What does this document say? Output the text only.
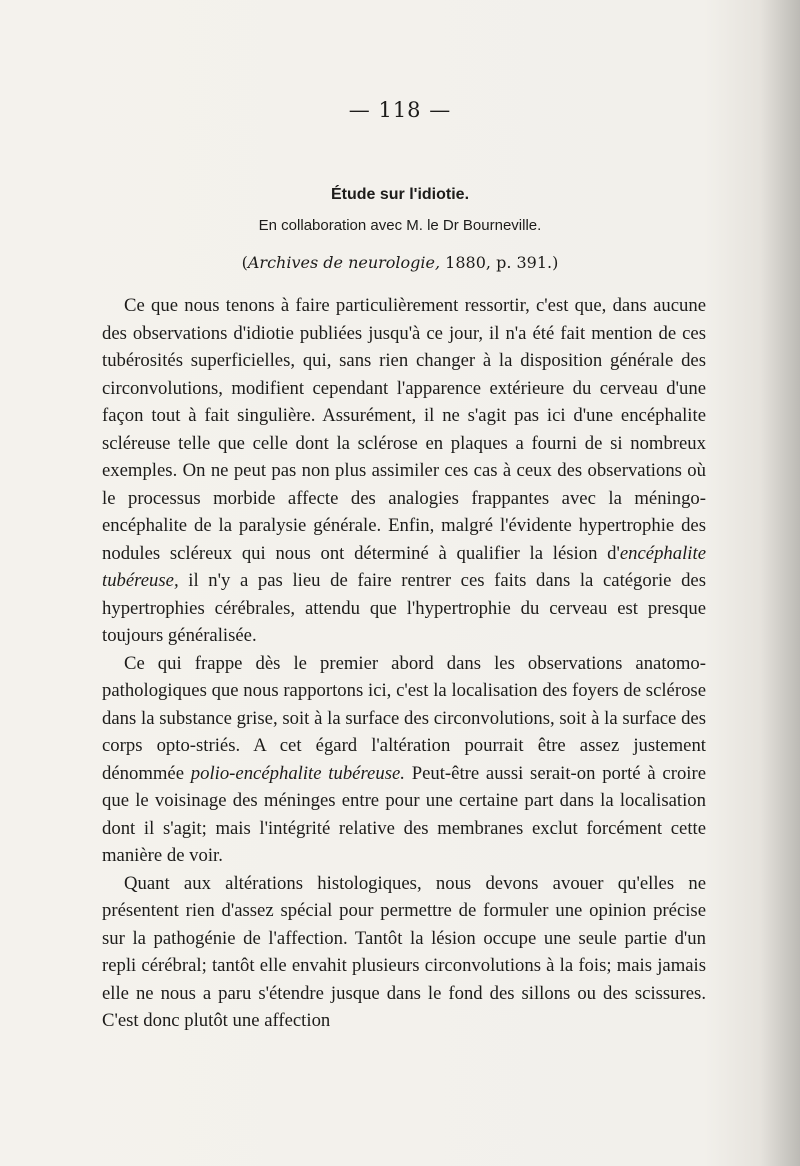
— 118 —
Étude sur l'idiotie.
En collaboration avec M. le Dr Bourneville.
(Archives de neurologie, 1880, p. 391.)

Ce que nous tenons à faire particulièrement ressortir, c'est que, dans aucune des observations d'idiotie publiées jusqu'à ce jour, il n'a été fait mention de ces tubérosités superficielles, qui, sans rien changer à la disposition générale des circonvolutions, modifient cependant l'apparence extérieure du cerveau d'une façon tout à fait singulière. Assurément, il ne s'agit pas ici d'une encéphalite scléreuse telle que celle dont la sclérose en plaques a fourni de si nombreux exemples. On ne peut pas non plus assimiler ces cas à ceux des observations où le processus morbide affecte des analogies frappantes avec la méningo-encéphalite de la paralysie générale. Enfin, malgré l'évidente hypertrophie des nodules scléreux qui nous ont déterminé à qualifier la lésion d'encéphalite tubéreuse, il n'y a pas lieu de faire rentrer ces faits dans la catégorie des hypertrophies cérébrales, attendu que l'hypertrophie du cerveau est presque toujours généralisée.

Ce qui frappe dès le premier abord dans les observations anatomo-pathologiques que nous rapportons ici, c'est la localisation des foyers de sclérose dans la substance grise, soit à la surface des circonvolutions, soit à la surface des corps opto-striés. A cet égard l'altération pourrait être assez justement dénommée polio-encéphalite tubéreuse. Peut-être aussi serait-on porté à croire que le voisinage des méninges entre pour une certaine part dans la localisation dont il s'agit; mais l'intégrité relative des membranes exclut forcément cette manière de voir.

Quant aux altérations histologiques, nous devons avouer qu'elles ne présentent rien d'assez spécial pour permettre de formuler une opinion précise sur la pathogénie de l'affection. Tantôt la lésion occupe une seule partie d'un repli cérébral; tantôt elle envahit plusieurs circonvolutions à la fois; mais jamais elle ne nous a paru s'étendre jusque dans le fond des sillons ou des scissures. C'est donc plutôt une affection
